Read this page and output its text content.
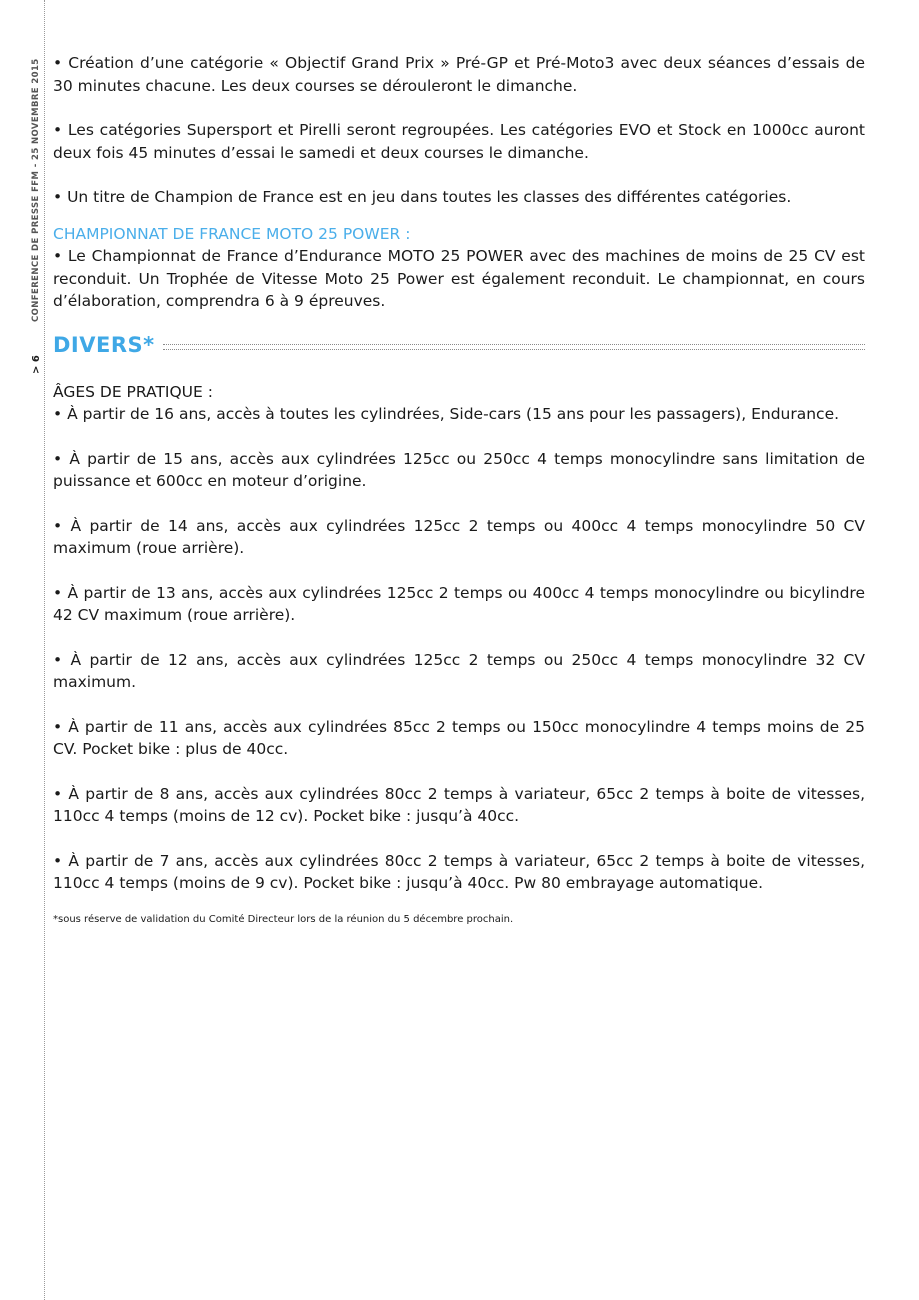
CONFERENCE DE PRESSE FFM - 25 NOVEMBRE 2015
> 6

• Création d’une catégorie « Objectif Grand Prix » Pré-GP et Pré-Moto3 avec deux séances d’essais de 30 minutes chacune. Les deux courses se dérouleront le dimanche.

• Les catégories Supersport et Pirelli seront regroupées. Les catégories EVO et Stock en 1000cc auront deux fois 45 minutes d’essai le samedi et deux courses le dimanche.

• Un titre de Champion de France est en jeu dans toutes les classes des différentes catégories.

CHAMPIONNAT DE FRANCE MOTO 25 POWER :

• Le Championnat de France d’Endurance MOTO 25 POWER avec des machines de moins de 25 CV est reconduit. Un Trophée de Vitesse Moto 25 Power est également reconduit. Le championnat, en cours d’élaboration, comprendra 6 à 9 épreuves.

DIVERS*

ÂGES DE PRATIQUE :

• À partir de 16 ans, accès à toutes les cylindrées, Side-cars (15 ans pour les passagers), Endurance.

• À partir de 15 ans, accès aux cylindrées 125cc ou 250cc 4 temps monocylindre sans limitation de puissance et 600cc en moteur d’origine.

• À partir de 14 ans, accès aux cylindrées 125cc 2 temps ou 400cc 4 temps monocylindre 50 CV maximum (roue arrière).

• À partir de 13 ans, accès aux cylindrées 125cc 2 temps ou 400cc 4 temps monocylindre ou bicylindre 42 CV maximum (roue arrière).

• À partir de 12 ans, accès aux cylindrées 125cc 2 temps ou 250cc 4 temps monocylindre 32 CV maximum.

• À partir de 11 ans, accès aux cylindrées 85cc 2 temps ou 150cc monocylindre 4 temps moins de 25 CV. Pocket bike : plus de 40cc.

• À partir de 8 ans, accès aux cylindrées 80cc 2 temps à variateur, 65cc 2 temps à boite de vitesses, 110cc 4 temps (moins de 12 cv). Pocket bike : jusqu’à 40cc.

• À partir de 7 ans, accès aux cylindrées 80cc 2 temps à variateur, 65cc 2 temps à boite de vitesses, 110cc 4 temps (moins de 9 cv). Pocket bike : jusqu’à 40cc. Pw 80 embrayage automatique.

*sous réserve de validation du Comité Directeur lors de la réunion du 5 décembre prochain.
